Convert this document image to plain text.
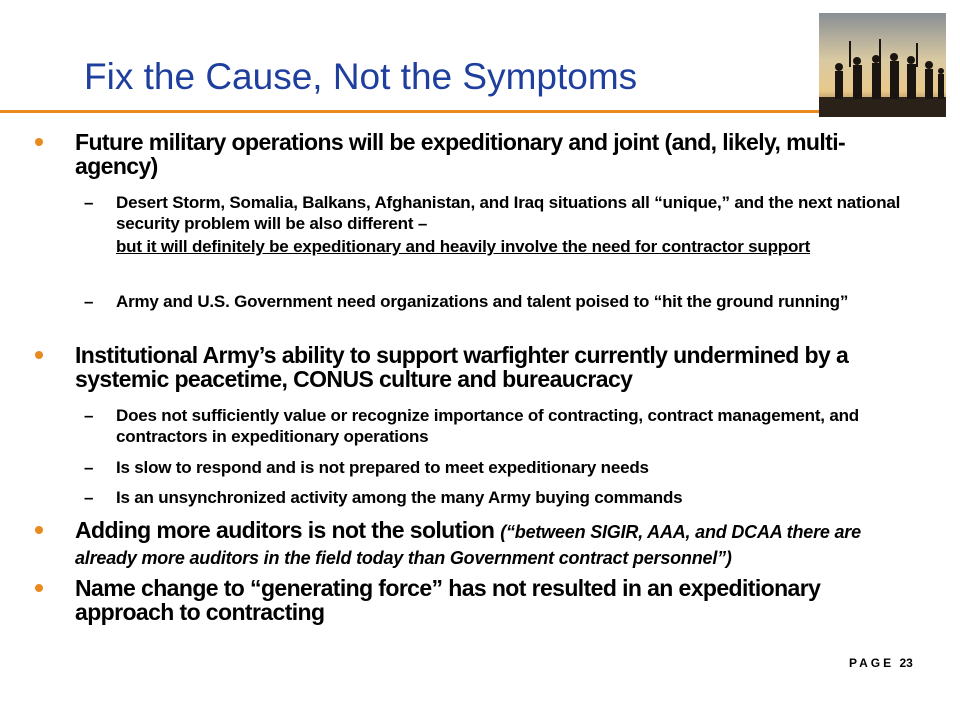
Fix the Cause, Not the Symptoms
Future military operations will be expeditionary and joint (and, likely, multi-agency)
– Desert Storm, Somalia, Balkans, Afghanistan, and Iraq situations all “unique,” and the next national security problem will be also different –
but it will definitely be expeditionary and heavily involve the need for contractor support
– Army and U.S. Government need organizations and talent poised to “hit the ground running”
Institutional Army’s ability to support warfighter currently undermined by a systemic peacetime, CONUS culture and bureaucracy
– Does not sufficiently value or recognize importance of contracting, contract management, and contractors in expeditionary operations
– Is slow to respond and is not prepared to meet expeditionary needs
– Is an unsynchronized activity among the many Army buying commands
Adding more auditors is not the solution (“between SIGIR, AAA, and DCAA there are already more auditors in the field today than Government contract personnel”)
Name change to “generating force” has not resulted in an expeditionary approach to contracting
PAGE 23
